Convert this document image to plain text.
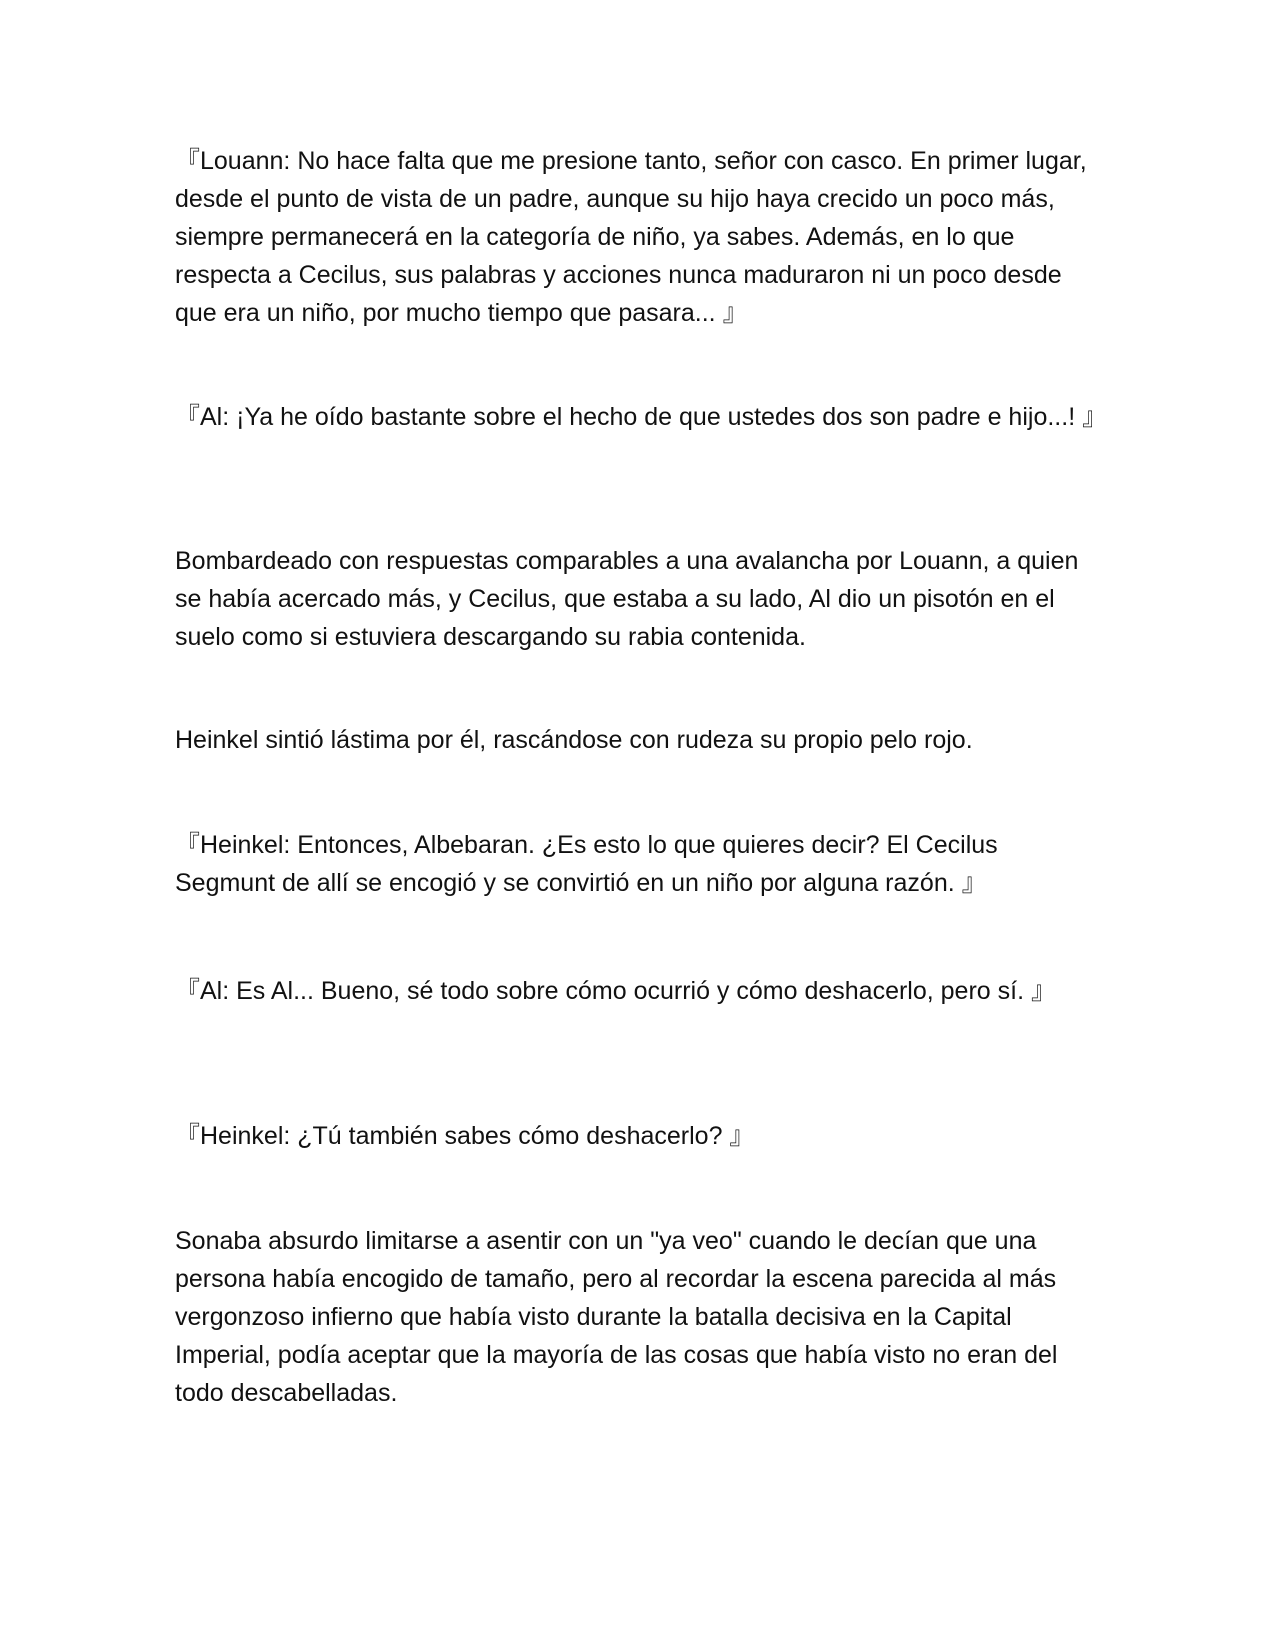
『Louann: No hace falta que me presione tanto, señor con casco. En primer lugar, desde el punto de vista de un padre, aunque su hijo haya crecido un poco más, siempre permanecerá en la categoría de niño, ya sabes. Además, en lo que respecta a Cecilus, sus palabras y acciones nunca maduraron ni un poco desde que era un niño, por mucho tiempo que pasara... 』

『Al: ¡Ya he oído bastante sobre el hecho de que ustedes dos son padre e hijo...! 』

Bombardeado con respuestas comparables a una avalancha por Louann, a quien se había acercado más, y Cecilus, que estaba a su lado, Al dio un pisotón en el suelo como si estuviera descargando su rabia contenida.

Heinkel sintió lástima por él, rascándose con rudeza su propio pelo rojo.

『Heinkel: Entonces, Albebaran. ¿Es esto lo que quieres decir? El Cecilus Segmunt de allí se encogió y se convirtió en un niño por alguna razón. 』

『Al: Es Al... Bueno, sé todo sobre cómo ocurrió y cómo deshacerlo, pero sí. 』

『Heinkel: ¿Tú también sabes cómo deshacerlo? 』

Sonaba absurdo limitarse a asentir con un "ya veo" cuando le decían que una persona había encogido de tamaño, pero al recordar la escena parecida al más vergonzoso infierno que había visto durante la batalla decisiva en la Capital Imperial, podía aceptar que la mayoría de las cosas que había visto no eran del todo descabelladas.
